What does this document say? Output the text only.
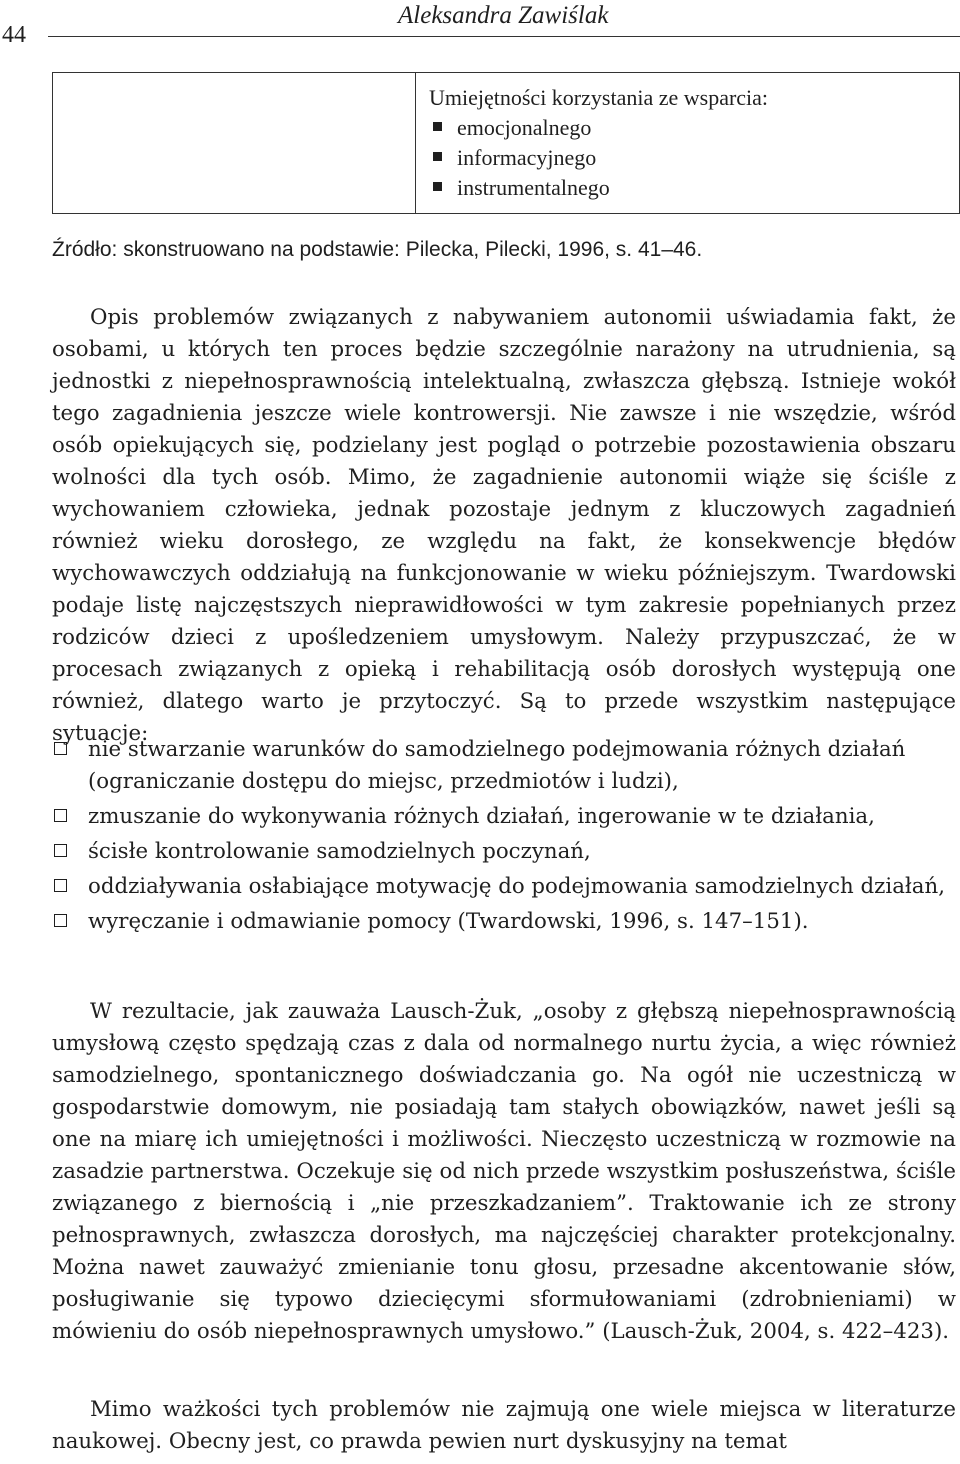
44
Aleksandra Zawiślak
Umiejętności korzystania ze wsparcia:
emocjonalnego
informacyjnego
instrumentalnego
Źródło: skonstruowano na podstawie: Pilecka, Pilecki, 1996, s. 41–46.

Opis problemów związanych z nabywaniem autonomii uświadamia fakt, że osobami, u których ten proces będzie szczególnie narażony na utrudnienia, są jednostki z niepełnosprawnością intelektualną, zwłaszcza głębszą. Istnieje wokół tego zagadnienia jeszcze wiele kontrowersji. Nie zawsze i nie wszędzie, wśród osób opiekujących się, podzielany jest pogląd o potrzebie pozostawienia obszaru wolności dla tych osób. Mimo, że zagadnienie autonomii wiąże się ściśle z wychowaniem człowieka, jednak pozostaje jednym z kluczowych zagadnień również wieku dorosłego, ze względu na fakt, że konsekwencje błędów wychowawczych oddziałują na funkcjonowanie w wieku późniejszym. Twardowski podaje listę najczęstszych nieprawidłowości w tym zakresie popełnianych przez rodziców dzieci z upośledzeniem umysłowym. Należy przypuszczać, że w procesach związanych z opieką i rehabilitacją osób dorosłych występują one również, dlatego warto je przytoczyć. Są to przede wszystkim następujące sytuacje:

nie stwarzanie warunków do samodzielnego podejmowania różnych działań (ograniczanie dostępu do miejsc, przedmiotów i ludzi),
zmuszanie do wykonywania różnych działań, ingerowanie w te działania,
ścisłe kontrolowanie samodzielnych poczynań,
oddziaływania osłabiające motywację do podejmowania samodzielnych działań,
wyręczanie i odmawianie pomocy (Twardowski, 1996, s. 147–151).

W rezultacie, jak zauważa Lausch-Żuk, „osoby z głębszą niepełnosprawnością umysłową często spędzają czas z dala od normalnego nurtu życia, a więc również samodzielnego, spontanicznego doświadczania go. Na ogół nie uczestniczą w gospodarstwie domowym, nie posiadają tam stałych obowiązków, nawet jeśli są one na miarę ich umiejętności i możliwości. Nieczęsto uczestniczą w rozmowie na zasadzie partnerstwa. Oczekuje się od nich przede wszystkim posłuszeństwa, ściśle związanego z biernością i „nie przeszkadzaniem”. Traktowanie ich ze strony pełnosprawnych, zwłaszcza dorosłych, ma najczęściej charakter protekcjonalny. Można nawet zauważyć zmienianie tonu głosu, przesadne akcentowanie słów, posługiwanie się typowo dziecięcymi sformułowaniami (zdrobnieniami) w mówieniu do osób niepełnosprawnych umysłowo.” (Lausch-Żuk, 2004, s. 422–423).

Mimo ważkości tych problemów nie zajmują one wiele miejsca w literaturze naukowej. Obecny jest, co prawda pewien nurt dyskusyjny na temat
